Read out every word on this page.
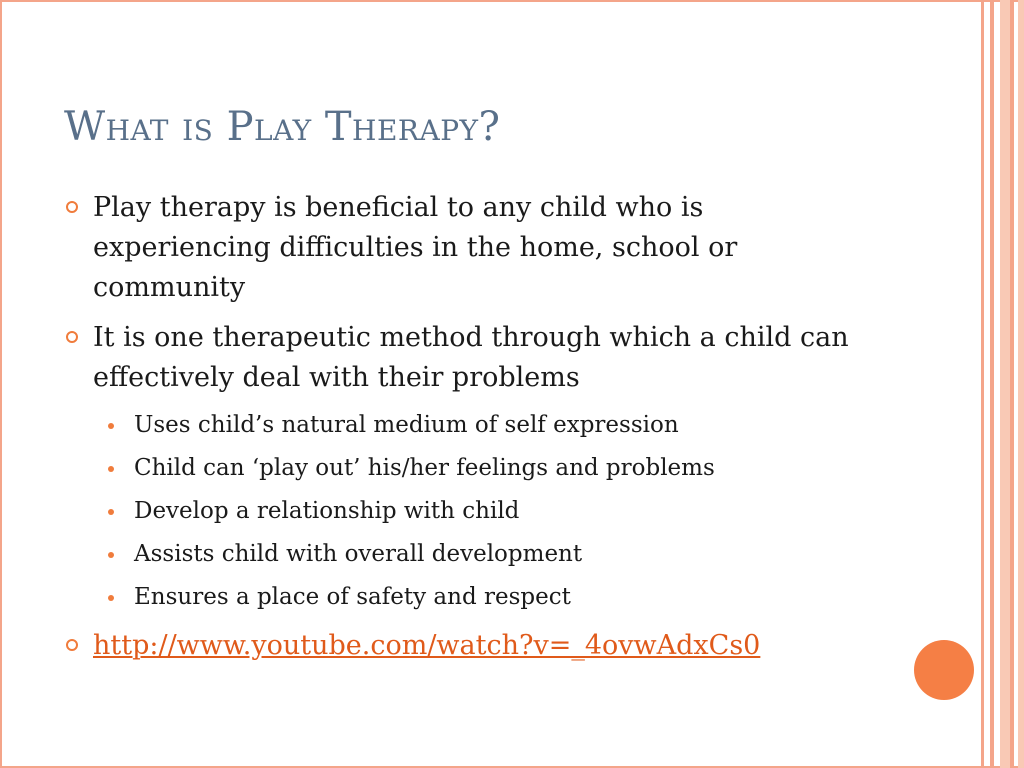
What is Play Therapy?
Play therapy is beneficial to any child who is experiencing difficulties in the home, school or community
It is one therapeutic method through which a child can effectively deal with their problems
Uses child’s natural medium of self expression
Child can ‘play out’ his/her feelings and problems
Develop a relationship with child
Assists child with overall development
Ensures a place of safety and respect
http://www.youtube.com/watch?v=_4ovwAdxCs0
